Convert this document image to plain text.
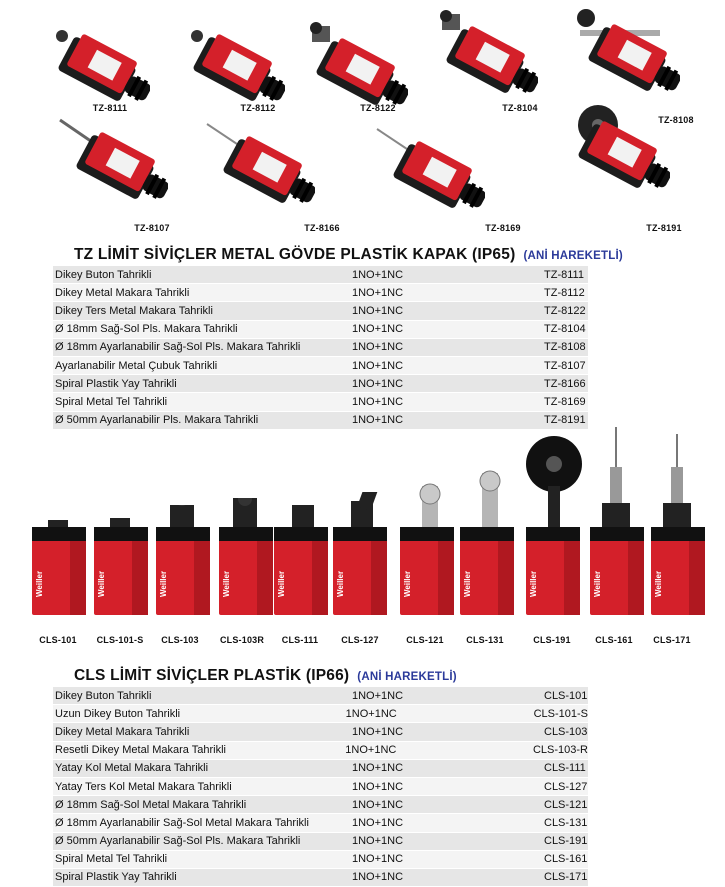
TZ-8111	TZ-8112	TZ-8122	TZ-8104
TZ-8108
TZ-8107	TZ-8166	TZ-8169	TZ-8191
TZ LİMİT SİVİÇLER METAL GÖVDE PLASTİK KAPAK (IP65) (ANİ HAREKETLİ)
Dikey Buton Tahrikli	1NO+1NC	TZ-8111
Dikey Metal Makara Tahrikli	1NO+1NC	TZ-8112
Dikey Ters Metal Makara Tahrikli	1NO+1NC	TZ-8122
Ø 18mm Sağ-Sol Pls. Makara Tahrikli	1NO+1NC	TZ-8104
Ø 18mm Ayarlanabilir Sağ-Sol Pls. Makara Tahrikli	1NO+1NC	TZ-8108
Ayarlanabilir Metal Çubuk Tahrikli	1NO+1NC	TZ-8107
Spiral Plastik Yay Tahrikli	1NO+1NC	TZ-8166
Spiral Metal Tel Tahrikli	1NO+1NC	TZ-8169
Ø 50mm Ayarlanabilir Pls. Makara Tahrikli	1NO+1NC	TZ-8191
Weiller
CLS-101
Weiller
CLS-101-S
Weiller
CLS-103
Weiller
CLS-103R
Weiller
CLS-111
Weiller
CLS-127
Weiller
CLS-121
Weiller
CLS-131
Weiller
CLS-191
Weiller
CLS-161
Weiller
CLS-171
CLS LİMİT SİVİÇLER PLASTİK (IP66) (ANİ HAREKETLİ)
Dikey Buton Tahrikli	1NO+1NC	CLS-101
Uzun Dikey Buton Tahrikli	1NO+1NC	CLS-101-S
Dikey Metal Makara Tahrikli	1NO+1NC	CLS-103
Resetli Dikey Metal Makara Tahrikli	1NO+1NC	CLS-103-R
Yatay Kol Metal Makara Tahrikli	1NO+1NC	CLS-111
Yatay Ters Kol Metal Makara Tahrikli	1NO+1NC	CLS-127
Ø 18mm Sağ-Sol Metal Makara Tahrikli	1NO+1NC	CLS-121
Ø 18mm Ayarlanabilir Sağ-Sol Metal Makara Tahrikli	1NO+1NC	CLS-131
Ø 50mm Ayarlanabilir Sağ-Sol Pls. Makara Tahrikli	1NO+1NC	CLS-191
Spiral Metal Tel Tahrikli	1NO+1NC	CLS-161
Spiral Plastik Yay Tahrikli	1NO+1NC	CLS-171
